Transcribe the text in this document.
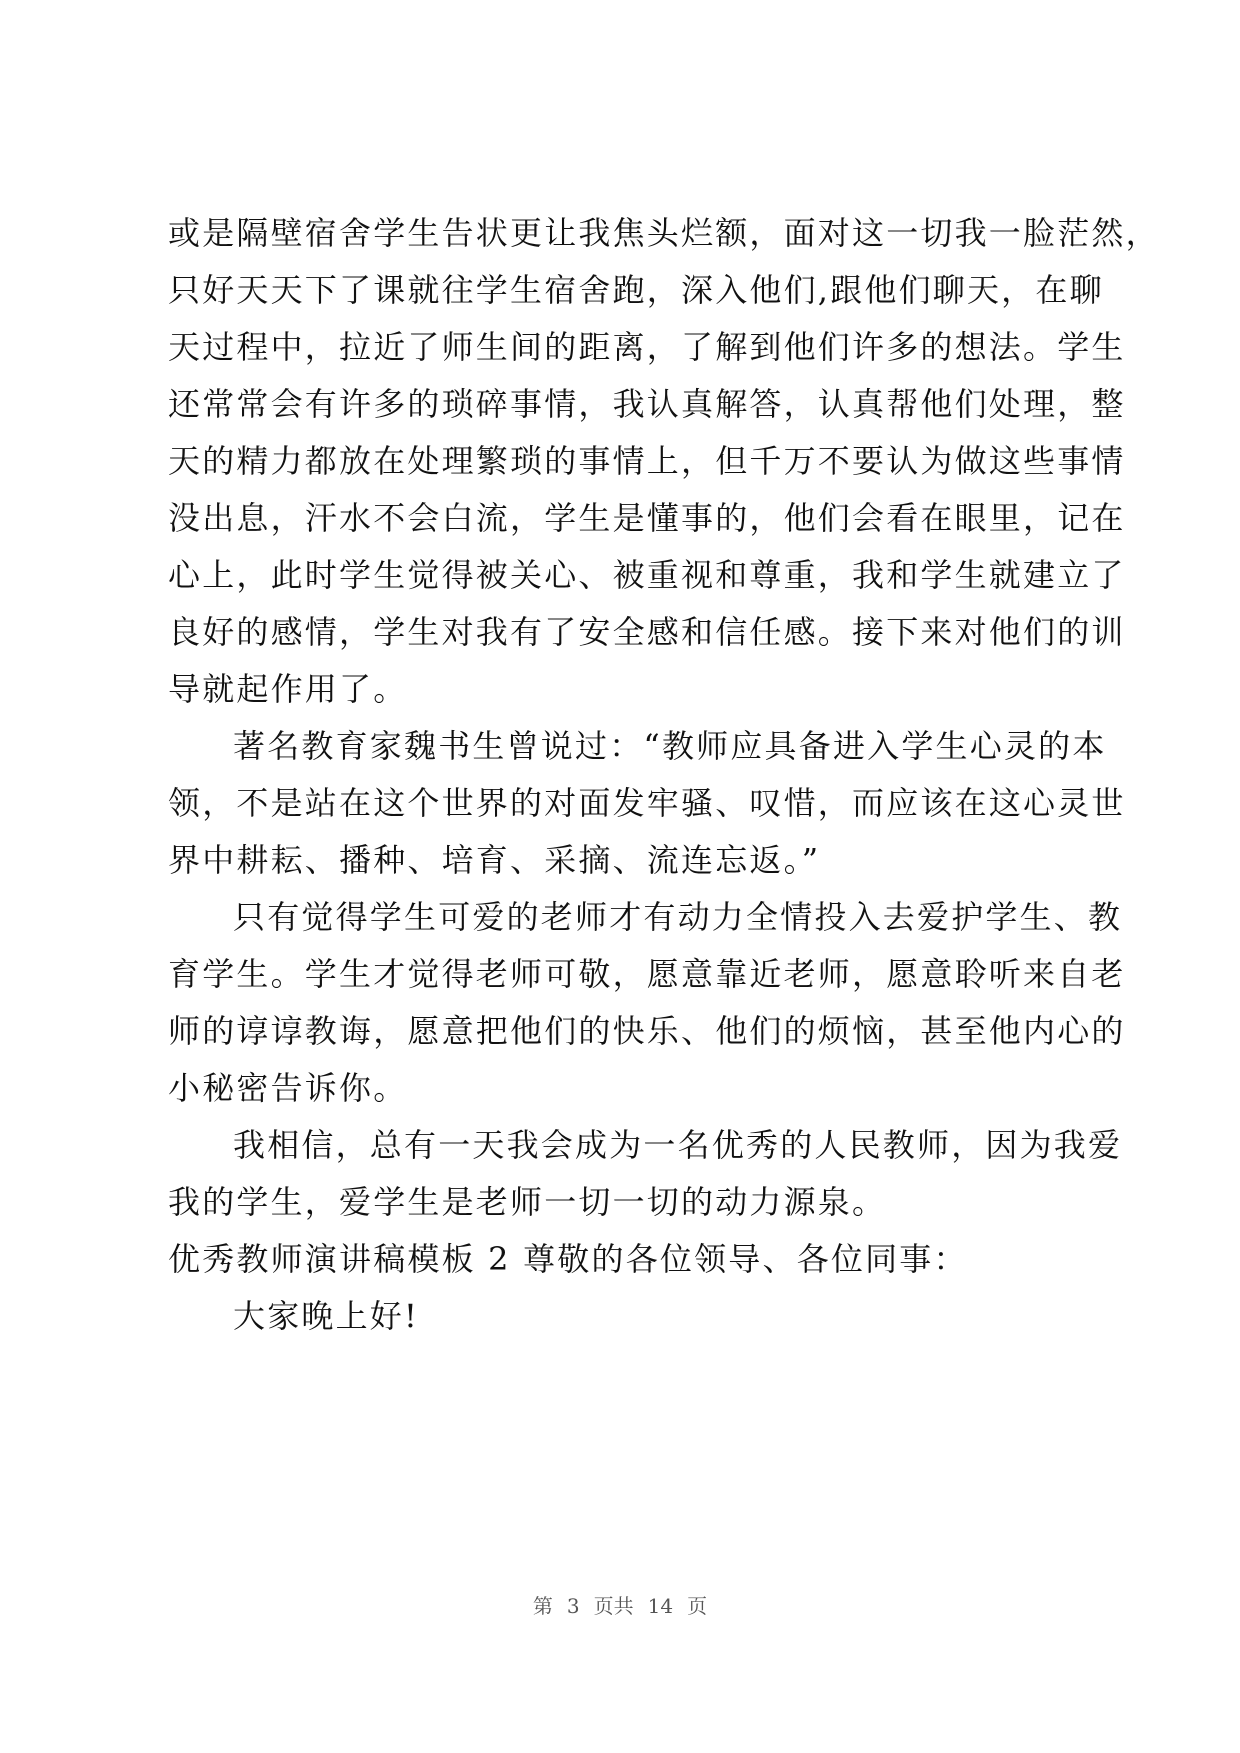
或是隔壁宿舍学生告状更让我焦头烂额，面对这一切我一脸茫然，
只好天天下了课就往学生宿舍跑，深入他们,跟他们聊天，在聊
天过程中，拉近了师生间的距离，了解到他们许多的想法。学生
还常常会有许多的琐碎事情，我认真解答，认真帮他们处理，整
天的精力都放在处理繁琐的事情上，但千万不要认为做这些事情
没出息，汗水不会白流，学生是懂事的，他们会看在眼里，记在
心上，此时学生觉得被关心、被重视和尊重，我和学生就建立了
良好的感情，学生对我有了安全感和信任感。接下来对他们的训
导就起作用了。
著名教育家魏书生曾说过：“教师应具备进入学生心灵的本
领，不是站在这个世界的对面发牢骚、叹惜，而应该在这心灵世
界中耕耘、播种、培育、采摘、流连忘返。”
只有觉得学生可爱的老师才有动力全情投入去爱护学生、教
育学生。学生才觉得老师可敬，愿意靠近老师，愿意聆听来自老
师的谆谆教诲，愿意把他们的快乐、他们的烦恼，甚至他内心的
小秘密告诉你。
我相信，总有一天我会成为一名优秀的人民教师，因为我爱
我的学生，爱学生是老师一切一切的动力源泉。
优秀教师演讲稿模板 2 尊敬的各位领导、各位同事：
大家晚上好!
第 3 页共 14 页
